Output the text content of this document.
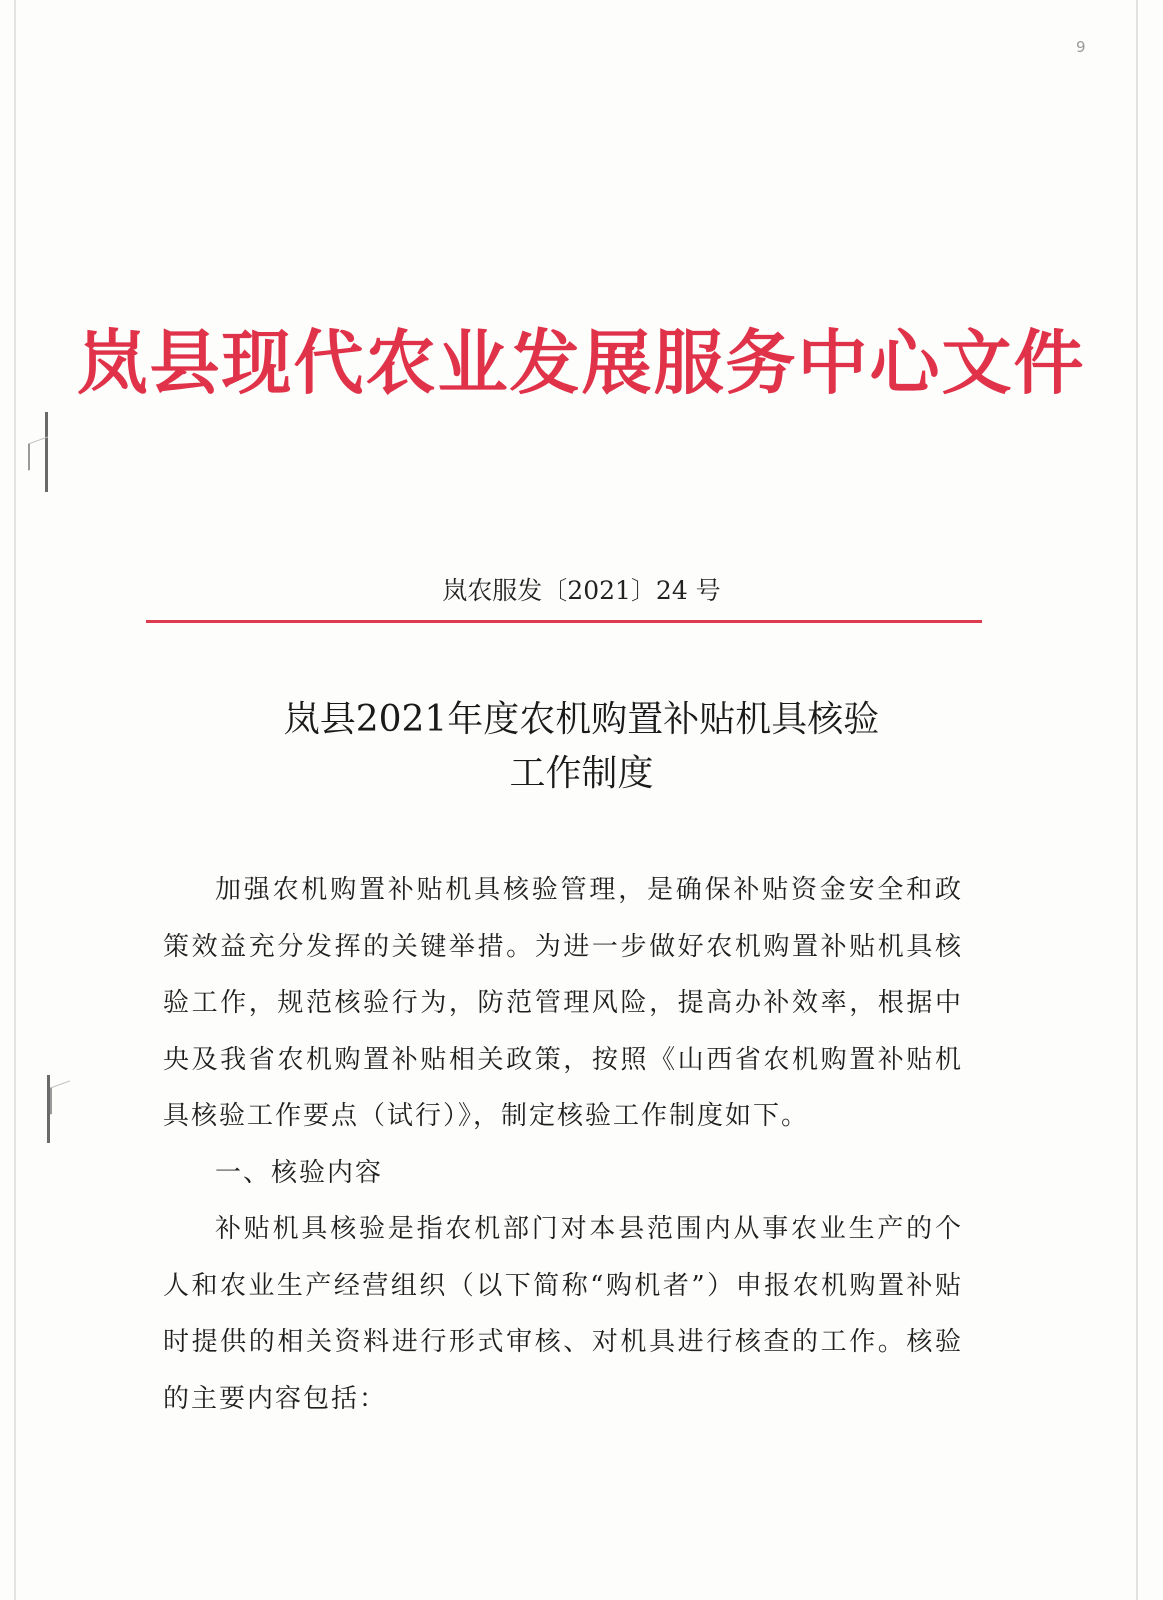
9
岚县现代农业发展服务中心文件
岚农服发〔2021〕24 号
岚县2021年度农机购置补贴机具核验
工作制度

加强农机购置补贴机具核验管理，是确保补贴资金安全和政策效益充分发挥的关键举措。为进一步做好农机购置补贴机具核验工作，规范核验行为，防范管理风险，提高办补效率，根据中央及我省农机购置补贴相关政策，按照《山西省农机购置补贴机具核验工作要点（试行）》，制定核验工作制度如下。

一、核验内容

补贴机具核验是指农机部门对本县范围内从事农业生产的个人和农业生产经营组织（以下简称“购机者”）申报农机购置补贴时提供的相关资料进行形式审核、对机具进行核查的工作。核验的主要内容包括：
